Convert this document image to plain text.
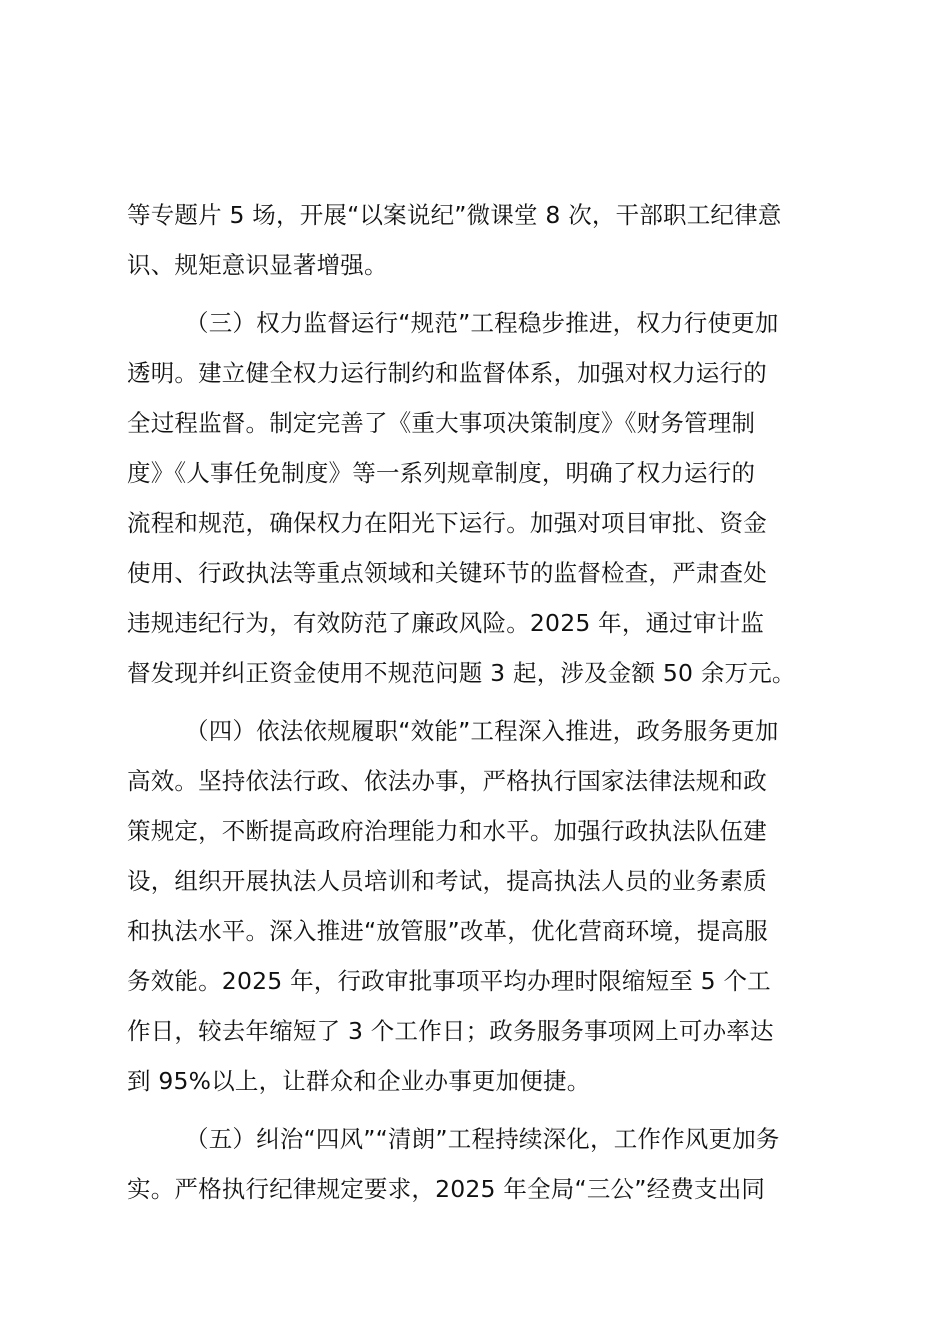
等专题片 5 场，开展“以案说纪”微课堂 8 次，干部职工纪律意
识、规矩意识显著增强。
（三）权力监督运行“规范”工程稳步推进，权力行使更加
透明。建立健全权力运行制约和监督体系，加强对权力运行的
全过程监督。制定完善了《重大事项决策制度》《财务管理制
度》《人事任免制度》等一系列规章制度，明确了权力运行的
流程和规范，确保权力在阳光下运行。加强对项目审批、资金
使用、行政执法等重点领域和关键环节的监督检查，严肃查处
违规违纪行为，有效防范了廉政风险。2025 年，通过审计监
督发现并纠正资金使用不规范问题 3 起，涉及金额 50 余万元。
（四）依法依规履职“效能”工程深入推进，政务服务更加
高效。坚持依法行政、依法办事，严格执行国家法律法规和政
策规定，不断提高政府治理能力和水平。加强行政执法队伍建
设，组织开展执法人员培训和考试，提高执法人员的业务素质
和执法水平。深入推进“放管服”改革，优化营商环境，提高服
务效能。2025 年，行政审批事项平均办理时限缩短至 5 个工
作日，较去年缩短了 3 个工作日；政务服务事项网上可办率达
到 95%以上，让群众和企业办事更加便捷。
（五）纠治“四风”“清朗”工程持续深化，工作作风更加务
实。严格执行纪律规定要求，2025 年全局“三公”经费支出同
